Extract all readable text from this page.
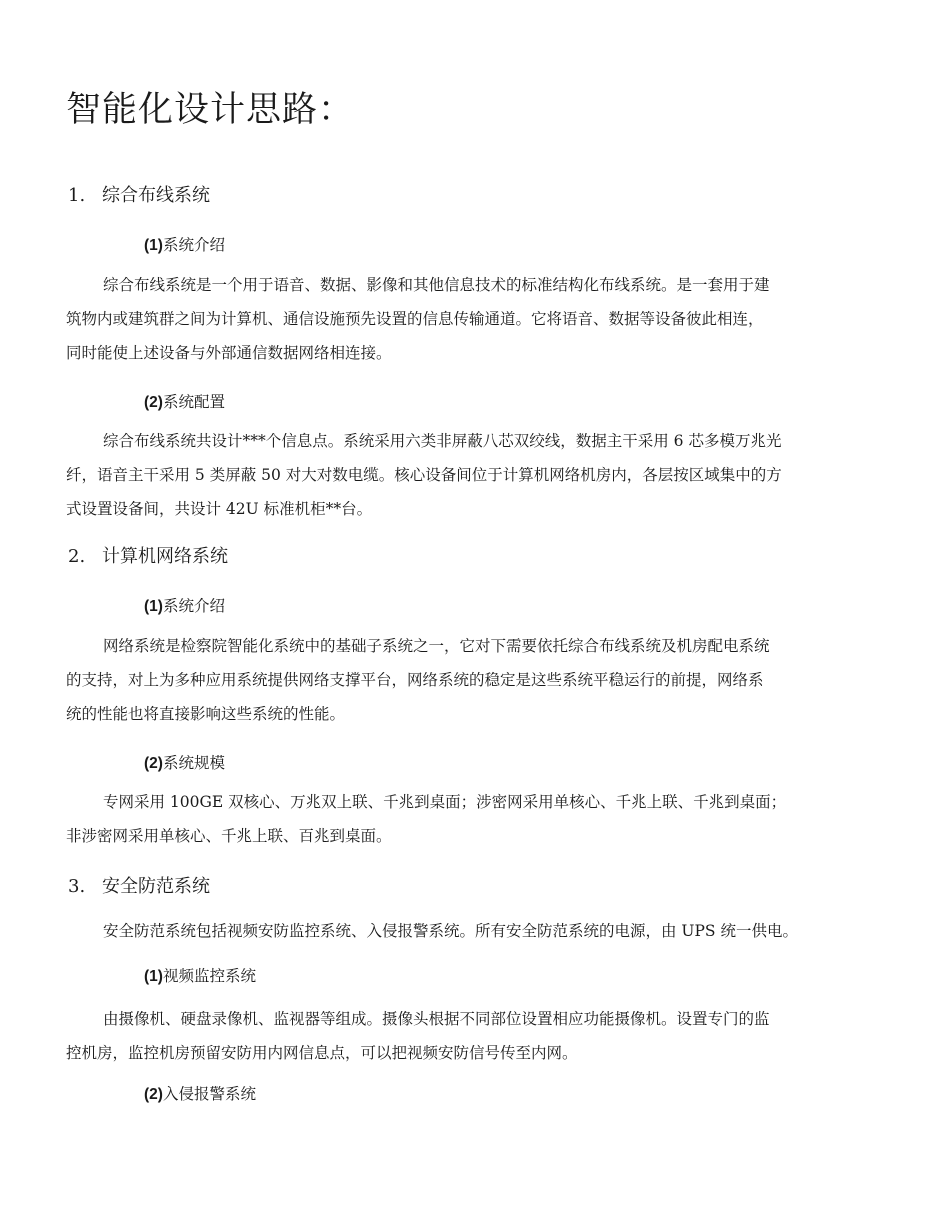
智能化设计思路：
1. 综合布线系统
(1)系统介绍
综合布线系统是一个用于语音、数据、影像和其他信息技术的标准结构化布线系统。是一套用于建
筑物内或建筑群之间为计算机、通信设施预先设置的信息传输通道。它将语音、数据等设备彼此相连，
同时能使上述设备与外部通信数据网络相连接。
(2)系统配置
综合布线系统共设计***个信息点。系统采用六类非屏蔽八芯双绞线，数据主干采用 6 芯多模万兆光
纤，语音主干采用 5 类屏蔽 50 对大对数电缆。核心设备间位于计算机网络机房内，各层按区域集中的方
式设置设备间，共设计 42U 标准机柜**台。
2. 计算机网络系统
(1)系统介绍
网络系统是检察院智能化系统中的基础子系统之一，它对下需要依托综合布线系统及机房配电系统
的支持，对上为多种应用系统提供网络支撑平台，网络系统的稳定是这些系统平稳运行的前提，网络系
统的性能也将直接影响这些系统的性能。
(2)系统规模
专网采用 100GE 双核心、万兆双上联、千兆到桌面；涉密网采用单核心、千兆上联、千兆到桌面；
非涉密网采用单核心、千兆上联、百兆到桌面。
3. 安全防范系统
安全防范系统包括视频安防监控系统、入侵报警系统。所有安全防范系统的电源，由 UPS 统一供电。
(1)视频监控系统
由摄像机、硬盘录像机、监视器等组成。摄像头根据不同部位设置相应功能摄像机。设置专门的监
控机房，监控机房预留安防用内网信息点，可以把视频安防信号传至内网。
(2)入侵报警系统
